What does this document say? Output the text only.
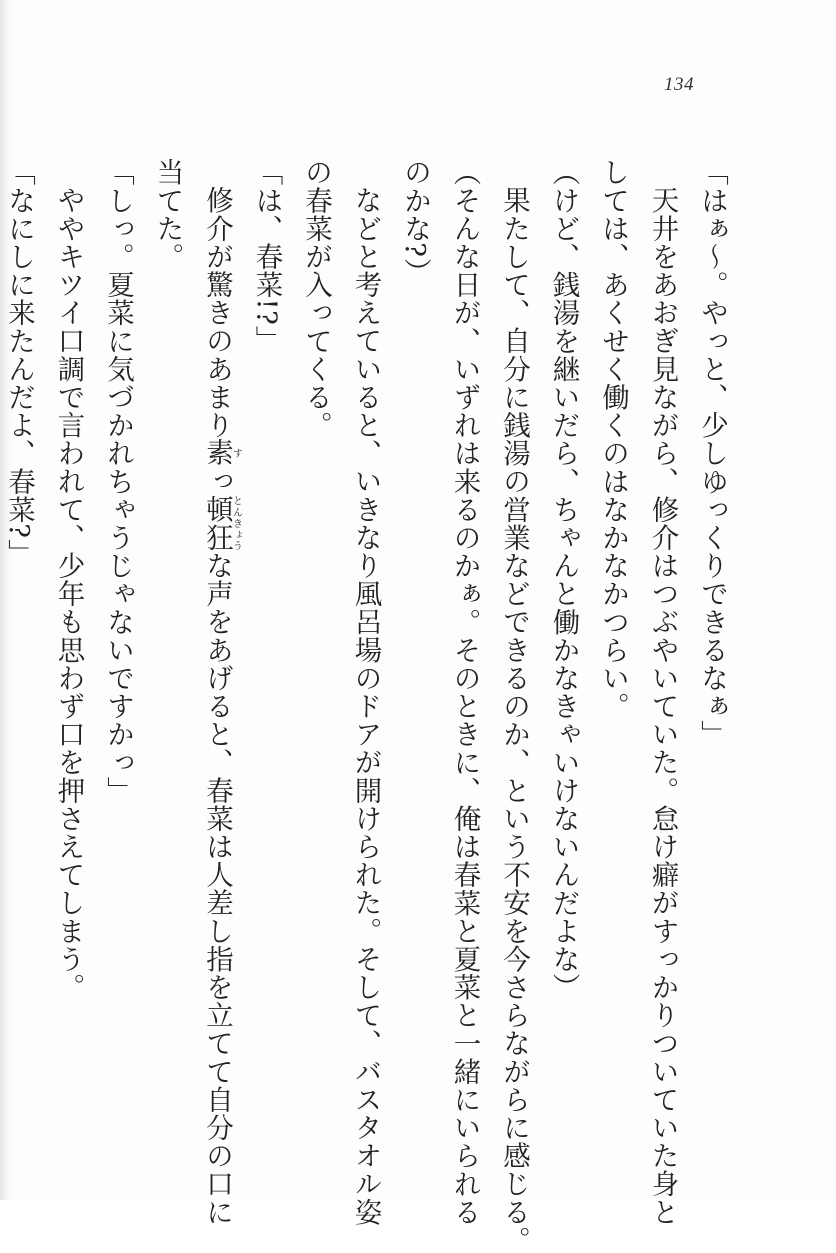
134

「はぁ〜。やっと、少しゆっくりできるなぁ」

天井をあおぎ見ながら、修介はつぶやいていた。怠け癖がすっかりついていた身と

しては、あくせく働くのはなかなかつらい。

（けど、銭湯を継いだら、ちゃんと働かなきゃいけないんだよな）

果たして、自分に銭湯の営業などできるのか、という不安を今さらながらに感じる。

（そんな日が、いずれは来るのかぁ。そのときに、俺は春菜と夏菜と一緒にいられる

のかな?）

などと考えていると、いきなり風呂場のドアが開けられた。そして、バスタオル姿

の春菜が入ってくる。

「は、春菜!?」

修介が驚きのあまり素すっ頓狂とんきょうな声をあげると、春菜は人差し指を立てて自分の口に

当てた。

「しっ。夏菜に気づかれちゃうじゃないですかっ」

ややキツイ口調で言われて、少年も思わず口を押さえてしまう。

「なにしに来たんだよ、春菜?」
